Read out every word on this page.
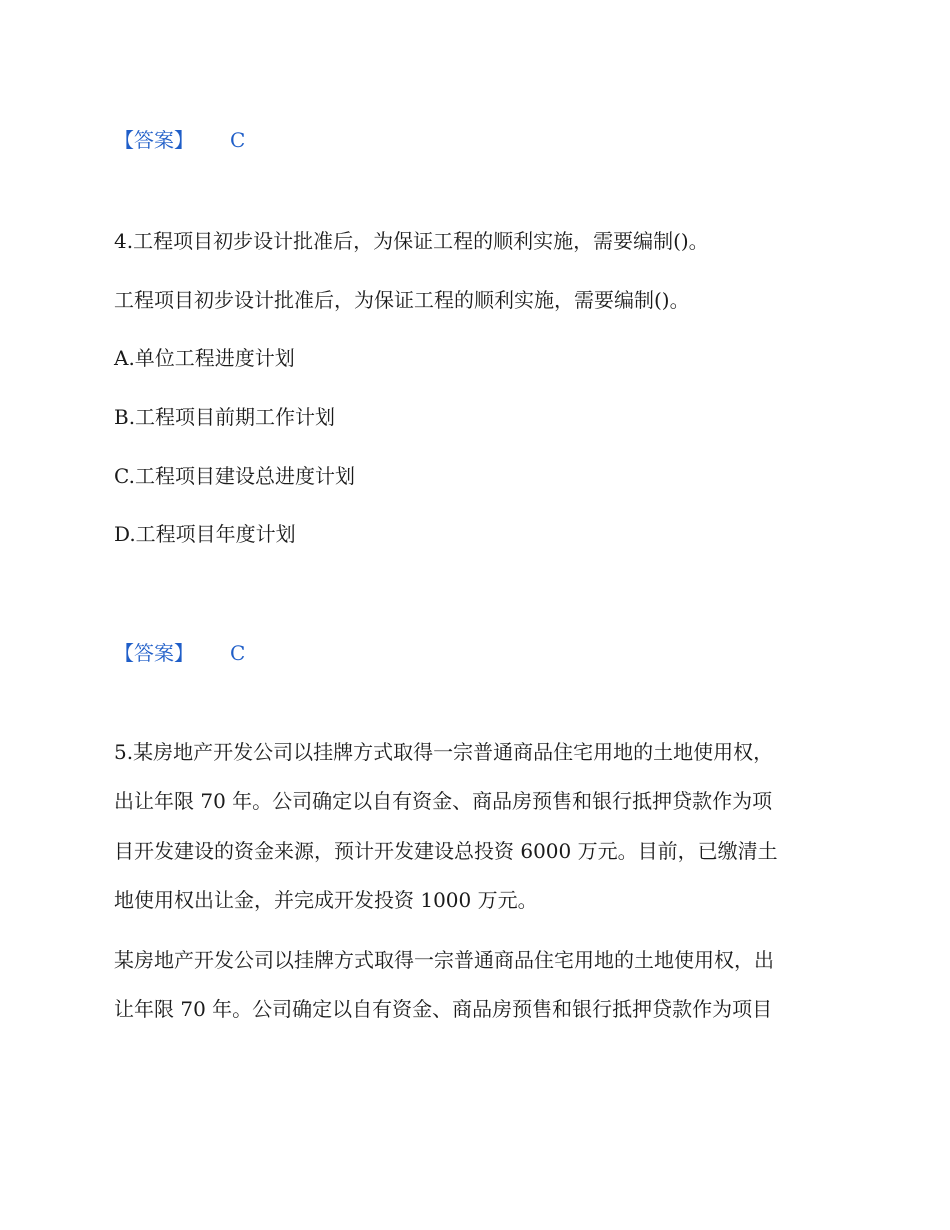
【答案】 C
4.工程项目初步设计批准后，为保证工程的顺利实施，需要编制()。
工程项目初步设计批准后，为保证工程的顺利实施，需要编制()。
A.单位工程进度计划
B.工程项目前期工作计划
C.工程项目建设总进度计划
D.工程项目年度计划
【答案】 C
5.某房地产开发公司以挂牌方式取得一宗普通商品住宅用地的土地使用权，
出让年限 70 年。公司确定以自有资金、商品房预售和银行抵押贷款作为项
目开发建设的资金来源，预计开发建设总投资 6000 万元。目前，已缴清土
地使用权出让金，并完成开发投资 1000 万元。
某房地产开发公司以挂牌方式取得一宗普通商品住宅用地的土地使用权，出
让年限 70 年。公司确定以自有资金、商品房预售和银行抵押贷款作为项目
